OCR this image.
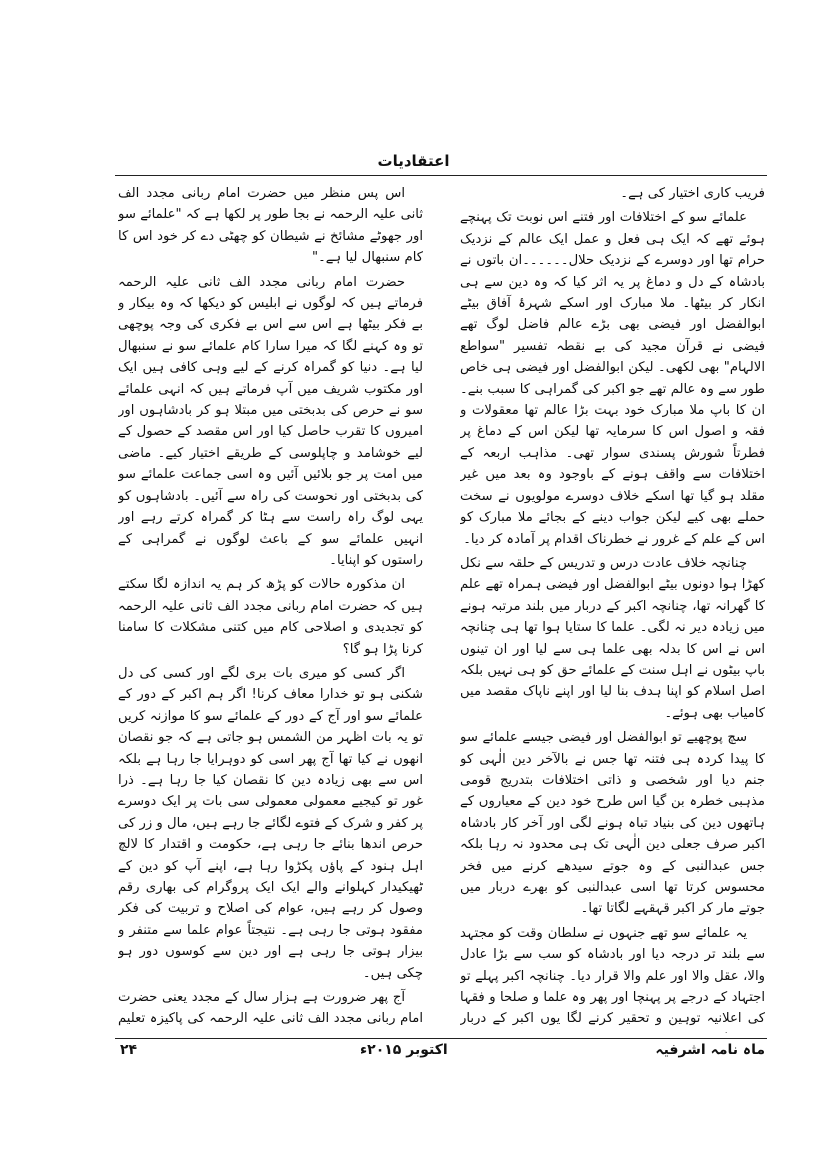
اعتقادیات

فریب کاری اختیار کی ہے۔

علمائے سو کے اختلافات اور فتنے اس نوبت تک پہنچے ہوئے تھے کہ ایک ہی فعل و عمل ایک عالم کے نزدیک حرام تھا اور دوسرے کے نزدیک حلال۔۔۔۔۔۔ان باتوں نے بادشاہ کے دل و دماغ پر یہ اثر کیا کہ وہ دین سے ہی انکار کر بیٹھا۔ ملا مبارک اور اسکے شہرۂ آفاق بیٹے ابوالفضل اور فیضی بھی بڑے عالم فاضل لوگ تھے فیضی نے قرآن مجید کی بے نقطہ تفسیر "سواطع الالہام" بھی لکھی۔ لیکن ابوالفضل اور فیضی ہی خاص طور سے وہ عالم تھے جو اکبر کی گمراہی کا سبب بنے۔ ان کا باپ ملا مبارک خود بہت بڑا عالم تھا معقولات و فقہ و اصول اس کا سرمایہ تھا لیکن اس کے دماغ پر فطرتاً شورش پسندی سوار تھی۔ مذاہب اربعہ کے اختلافات سے واقف ہونے کے باوجود وہ بعد میں غیر مقلد ہو گیا تھا اسکے خلاف دوسرے مولویوں نے سخت حملے بھی کیے لیکن جواب دینے کے بجائے ملا مبارک کو اس کے علم کے غرور نے خطرناک اقدام پر آمادہ کر دیا۔

چنانچہ خلاف عادت درس و تدریس کے حلقہ سے نکل کھڑا ہوا دونوں بیٹے ابوالفضل اور فیضی ہمراہ تھے علم کا گھرانہ تھا، چنانچہ اکبر کے دربار میں بلند مرتبہ ہونے میں زیادہ دیر نہ لگی۔ علما کا ستایا ہوا تھا ہی چنانچہ اس نے اس کا بدلہ بھی علما ہی سے لیا اور ان تینوں باپ بیٹوں نے اہل سنت کے علمائے حق کو ہی نہیں بلکہ اصل اسلام کو اپنا ہدف بنا لیا اور اپنے ناپاک مقصد میں کامیاب بھی ہوئے۔

سچ پوچھیے تو ابوالفضل اور فیضی جیسے علمائے سو کا پیدا کردہ ہی فتنہ تھا جس نے بالآخر دین الٰہی کو جنم دیا اور شخصی و ذاتی اختلافات بتدریج قومی مذہبی خطرہ بن گیا اس طرح خود دین کے معیاروں کے ہاتھوں دین کی بنیاد تباہ ہونے لگی اور آخر کار بادشاہ اکبر صرف جعلی دین الٰہی تک ہی محدود نہ رہا بلکہ جس عبدالنبی کے وہ جوتے سیدھے کرنے میں فخر محسوس کرتا تھا اسی عبدالنبی کو بھرے دربار میں جوتے مار کر اکبر قہقہے لگاتا تھا۔

یہ علمائے سو تھے جنہوں نے سلطان وقت کو مجتہد سے بلند تر درجہ دیا اور بادشاہ کو سب سے بڑا عادل والا، عقل والا اور علم والا قرار دیا۔ چنانچہ اکبر پہلے تو اجتہاد کے درجے پر پہنچا اور پھر وہ علما و صلحا و فقہا کی اعلانیہ توہین و تحقیر کرنے لگا یوں اکبر کے دربار

اس پس منظر میں حضرت امام ربانی مجدد الف ثانی علیہ الرحمہ نے بجا طور پر لکھا ہے کہ "علمائے سو اور جھوٹے مشائخ نے شیطان کو چھٹی دے کر خود اس کا کام سنبھال لیا ہے۔"

حضرت امام ربانی مجدد الف ثانی علیہ الرحمہ فرماتے ہیں کہ لوگوں نے ابلیس کو دیکھا کہ وہ بیکار و بے فکر بیٹھا ہے اس سے اس بے فکری کی وجہ پوچھی تو وہ کہنے لگا کہ میرا سارا کام علمائے سو نے سنبھال لیا ہے۔ دنیا کو گمراہ کرنے کے لیے وہی کافی ہیں ایک اور مکتوب شریف میں آپ فرماتے ہیں کہ انہی علمائے سو نے حرص کی بدبختی میں مبتلا ہو کر بادشاہوں اور امیروں کا تقرب حاصل کیا اور اس مقصد کے حصول کے لیے خوشامد و چاپلوسی کے طریقے اختیار کیے۔ ماضی میں امت پر جو بلائیں آئیں وہ اسی جماعت علمائے سو کی بدبختی اور نحوست کی راہ سے آئیں۔ بادشاہوں کو یہی لوگ راہ راست سے ہٹا کر گمراہ کرتے رہے اور انہیں علمائے سو کے باعث لوگوں نے گمراہی کے راستوں کو اپنایا۔

ان مذکورہ حالات کو پڑھ کر ہم یہ اندازہ لگا سکتے ہیں کہ حضرت امام ربانی مجدد الف ثانی علیہ الرحمہ کو تجدیدی و اصلاحی کام میں کتنی مشکلات کا سامنا کرنا پڑا ہو گا؟

اگر کسی کو میری بات بری لگے اور کسی کی دل شکنی ہو تو خدارا معاف کرنا! اگر ہم اکبر کے دور کے علمائے سو اور آج کے دور کے علمائے سو کا موازنہ کریں تو یہ بات اظہر من الشمس ہو جاتی ہے کہ جو نقصان انھوں نے کیا تھا آج پھر اسی کو دوہرایا جا رہا ہے بلکہ اس سے بھی زیادہ دین کا نقصان کیا جا رہا ہے۔ ذرا غور تو کیجیے معمولی معمولی سی بات پر ایک دوسرے پر کفر و شرک کے فتوے لگائے جا رہے ہیں، مال و زر کی حرص اندھا بنائے جا رہی ہے، حکومت و اقتدار کا لالچ اہل ہنود کے پاؤں پکڑوا رہا ہے، اپنے آپ کو دین کے ٹھیکیدار کہلوانے والے ایک ایک پروگرام کی بھاری رقم وصول کر رہے ہیں، عوام کی اصلاح و تربیت کی فکر مفقود ہوتی جا رہی ہے۔ نتیجتاً عوام علما سے متنفر و بیزار ہوتی جا رہی ہے اور دین سے کوسوں دور ہو چکی ہیں۔

آج پھر ضرورت ہے ہزار سال کے مجدد یعنی حضرت امام ربانی مجدد الف ثانی علیہ الرحمہ کی پاکیزہ تعلیم

ماہ نامہ اشرفیہ
اکتوبر ۲۰۱۵ء
۲۴
